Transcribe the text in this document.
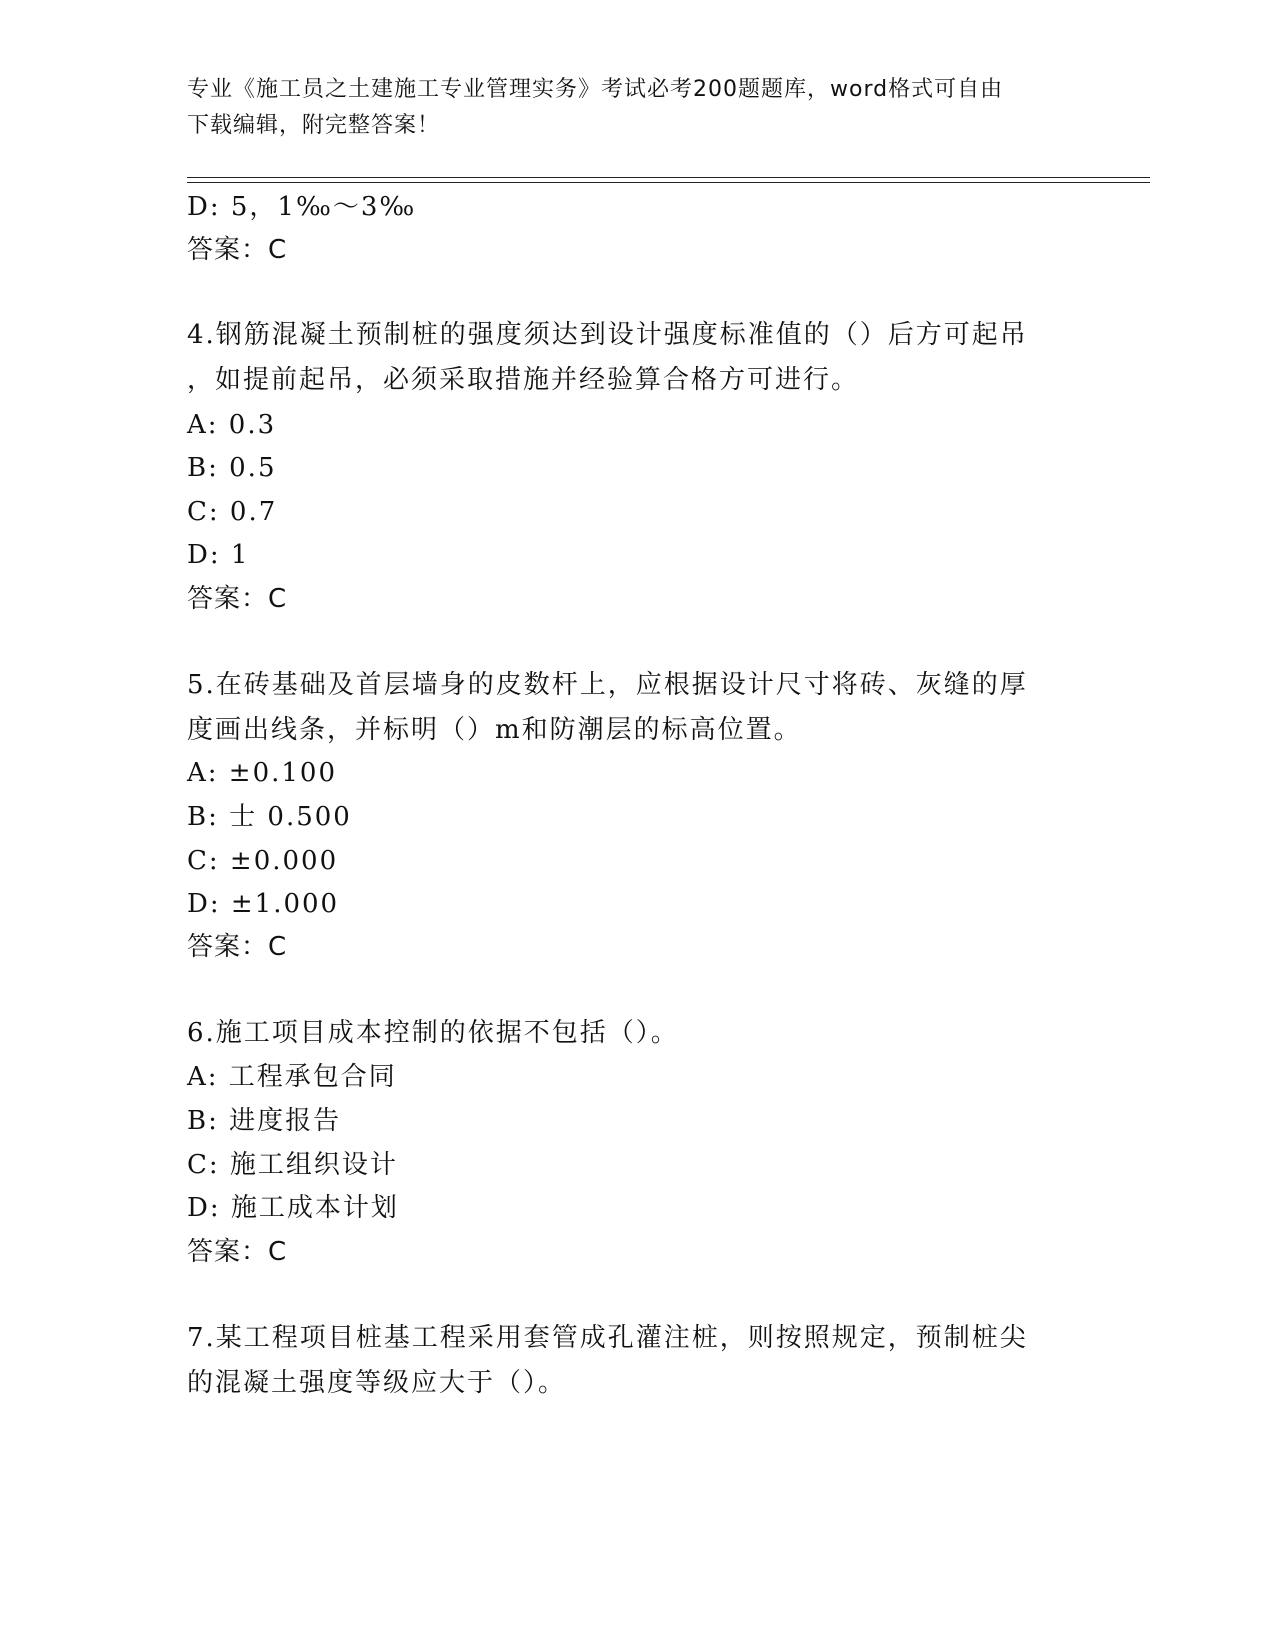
专业《施工员之土建施工专业管理实务》考试必考200题题库，word格式可自由
下载编辑，附完整答案！
D: 5，1‰～3‰
答案：C
4.钢筋混凝土预制桩的强度须达到设计强度标准值的（）后方可起吊
，如提前起吊，必须采取措施并经验算合格方可进行。
A: 0.3
B: 0.5
C: 0.7
D: 1
答案：C
5.在砖基础及首层墙身的皮数杆上，应根据设计尺寸将砖、灰缝的厚
度画出线条，并标明（）m和防潮层的标高位置。
A: ±0.100
B: 士 0.500
C: ±0.000
D: ±1.000
答案：C
6.施工项目成本控制的依据不包括（）。
A: 工程承包合同
B: 进度报告
C: 施工组织设计
D: 施工成本计划
答案：C
7.某工程项目桩基工程采用套管成孔灌注桩，则按照规定，预制桩尖
的混凝土强度等级应大于（）。
